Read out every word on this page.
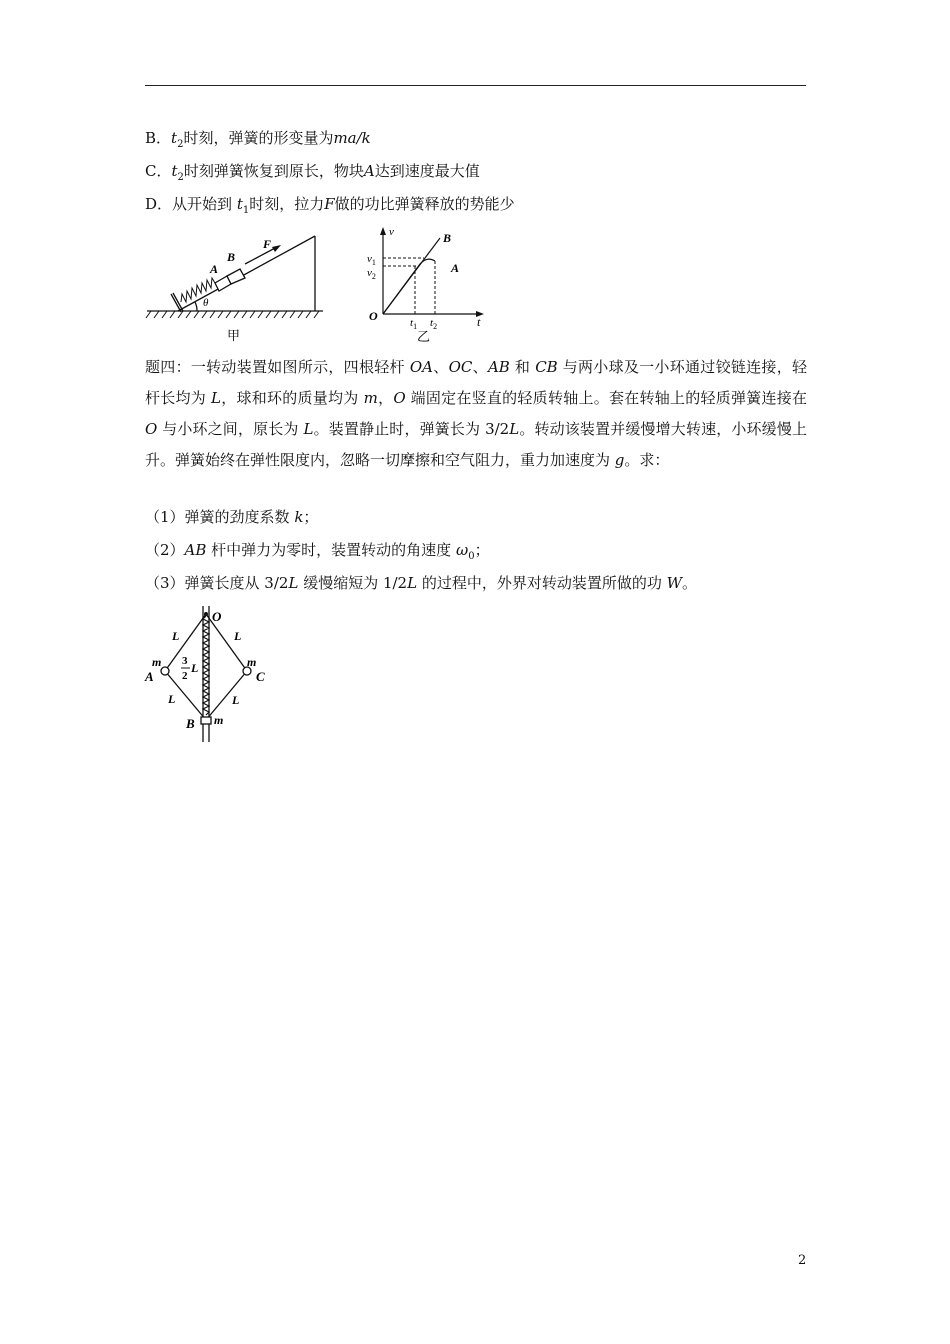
B．$t_2$时刻，弹簧的形变量为ma/k
C．$t_2$时刻弹簧恢复到原长，物块A达到速度最大值
D．从开始到 $t_1$时刻，拉力F做的功比弹簧释放的势能少
A
B
F
θ
甲
v
t
O
B
A
$v_1$
$v_2$
$t_1$ $t_2$
乙
题四：一转动装置如图所示，四根轻杆 OA、OC、AB 和 CB 与两小球及一小环通过铰链连接，轻杆长均为 L，球和环的质量均为 m，O 端固定在竖直的轻质转轴上。套在转轴上的轻质弹簧连接在 O 与小环之间，原长为 L。装置静止时，弹簧长为 3/2L。转动该装置并缓慢增大转速，小环缓慢上升。弹簧始终在弹性限度内，忽略一切摩擦和空气阻力，重力加速度为 g。求：
（1）弹簧的劲度系数 k；
（2）AB 杆中弹力为零时，装置转动的角速度 $\omega_0$；
（3）弹簧长度从 3/2L 缓慢缩短为 1/2L 的过程中，外界对转动装置所做的功 W。
O
A	C
B m
m	m
L	L
L	L
3
2
L
2
